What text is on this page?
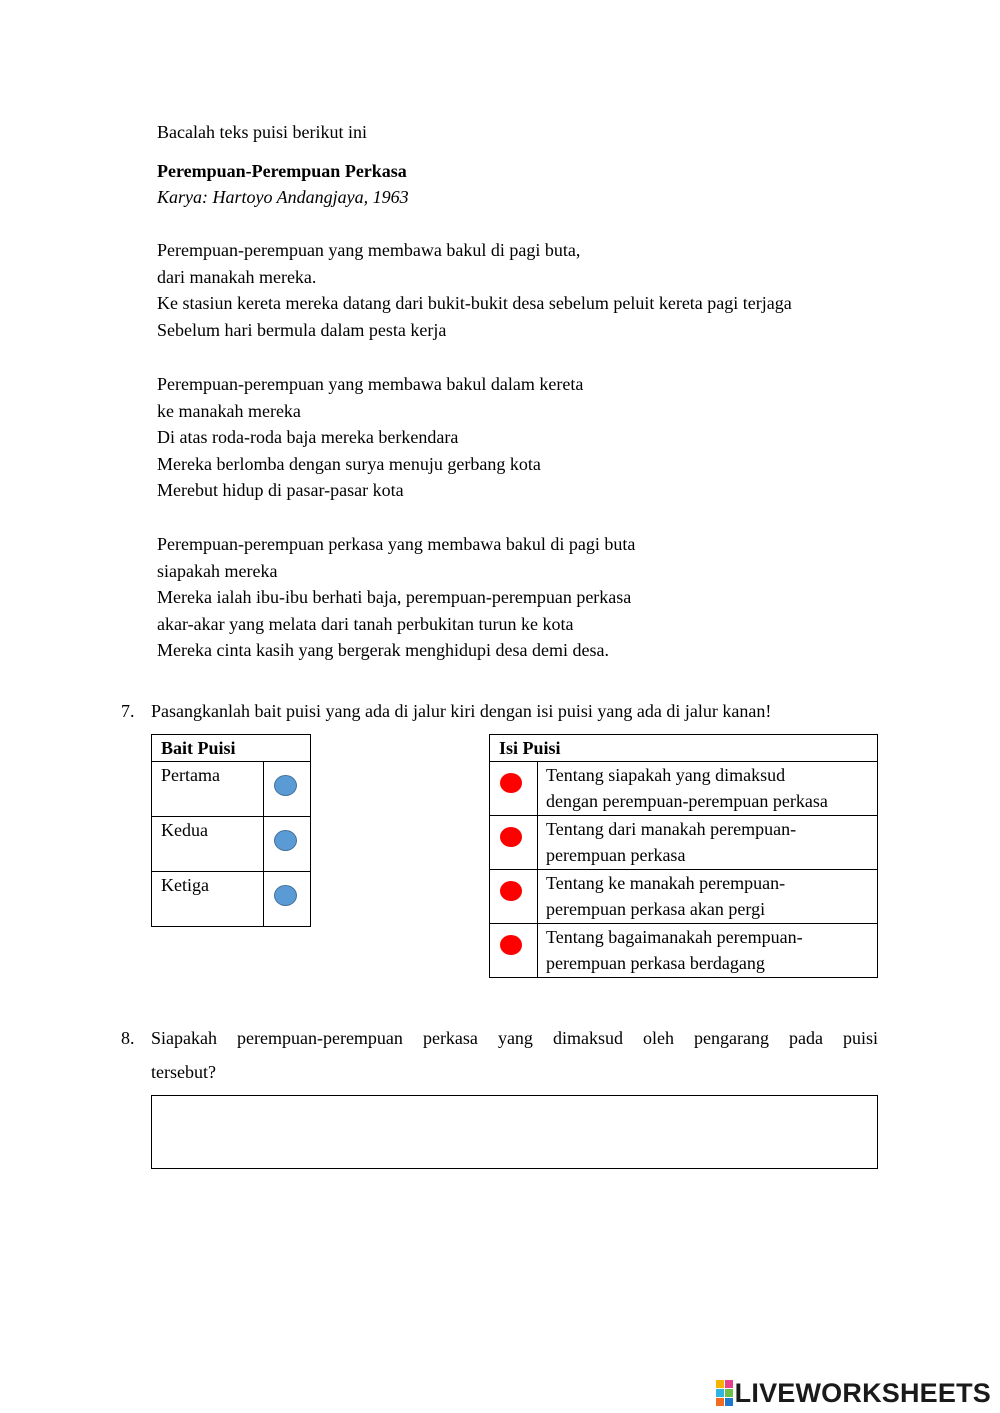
Bacalah teks puisi berikut ini
Perempuan-Perempuan Perkasa
Karya: Hartoyo Andangjaya, 1963
Perempuan-perempuan yang membawa bakul di pagi buta,
dari manakah mereka.
Ke stasiun kereta mereka datang dari bukit-bukit desa sebelum peluit kereta pagi terjaga
Sebelum hari bermula dalam pesta kerja
Perempuan-perempuan yang membawa bakul dalam kereta
ke manakah mereka
Di atas roda-roda baja mereka berkendara
Mereka berlomba dengan surya menuju gerbang kota
Merebut hidup di pasar-pasar kota
Perempuan-perempuan perkasa yang membawa bakul di pagi buta
siapakah mereka
Mereka ialah ibu-ibu berhati baja, perempuan-perempuan perkasa
akar-akar yang melata dari tanah perbukitan turun ke kota
Mereka cinta kasih yang bergerak menghidupi desa demi desa.
7. Pasangkanlah bait puisi yang ada di jalur kiri dengan isi puisi yang ada di jalur kanan!
Bait Puisi	
Pertama	

Kedua	

Ketiga	
Isi Puisi	

	Tentang siapakah yang dimaksud
dengan perempuan-perempuan perkasa

	Tentang dari manakah perempuan-
perempuan perkasa

	Tentang ke manakah perempuan-
perempuan perkasa akan pergi

	Tentang bagaimanakah perempuan-
perempuan perkasa berdagang
8. Siapakah perempuan-perempuan perkasa yang dimaksud oleh pengarang pada puisi
tersebut?
LIVEWORKSHEETS
